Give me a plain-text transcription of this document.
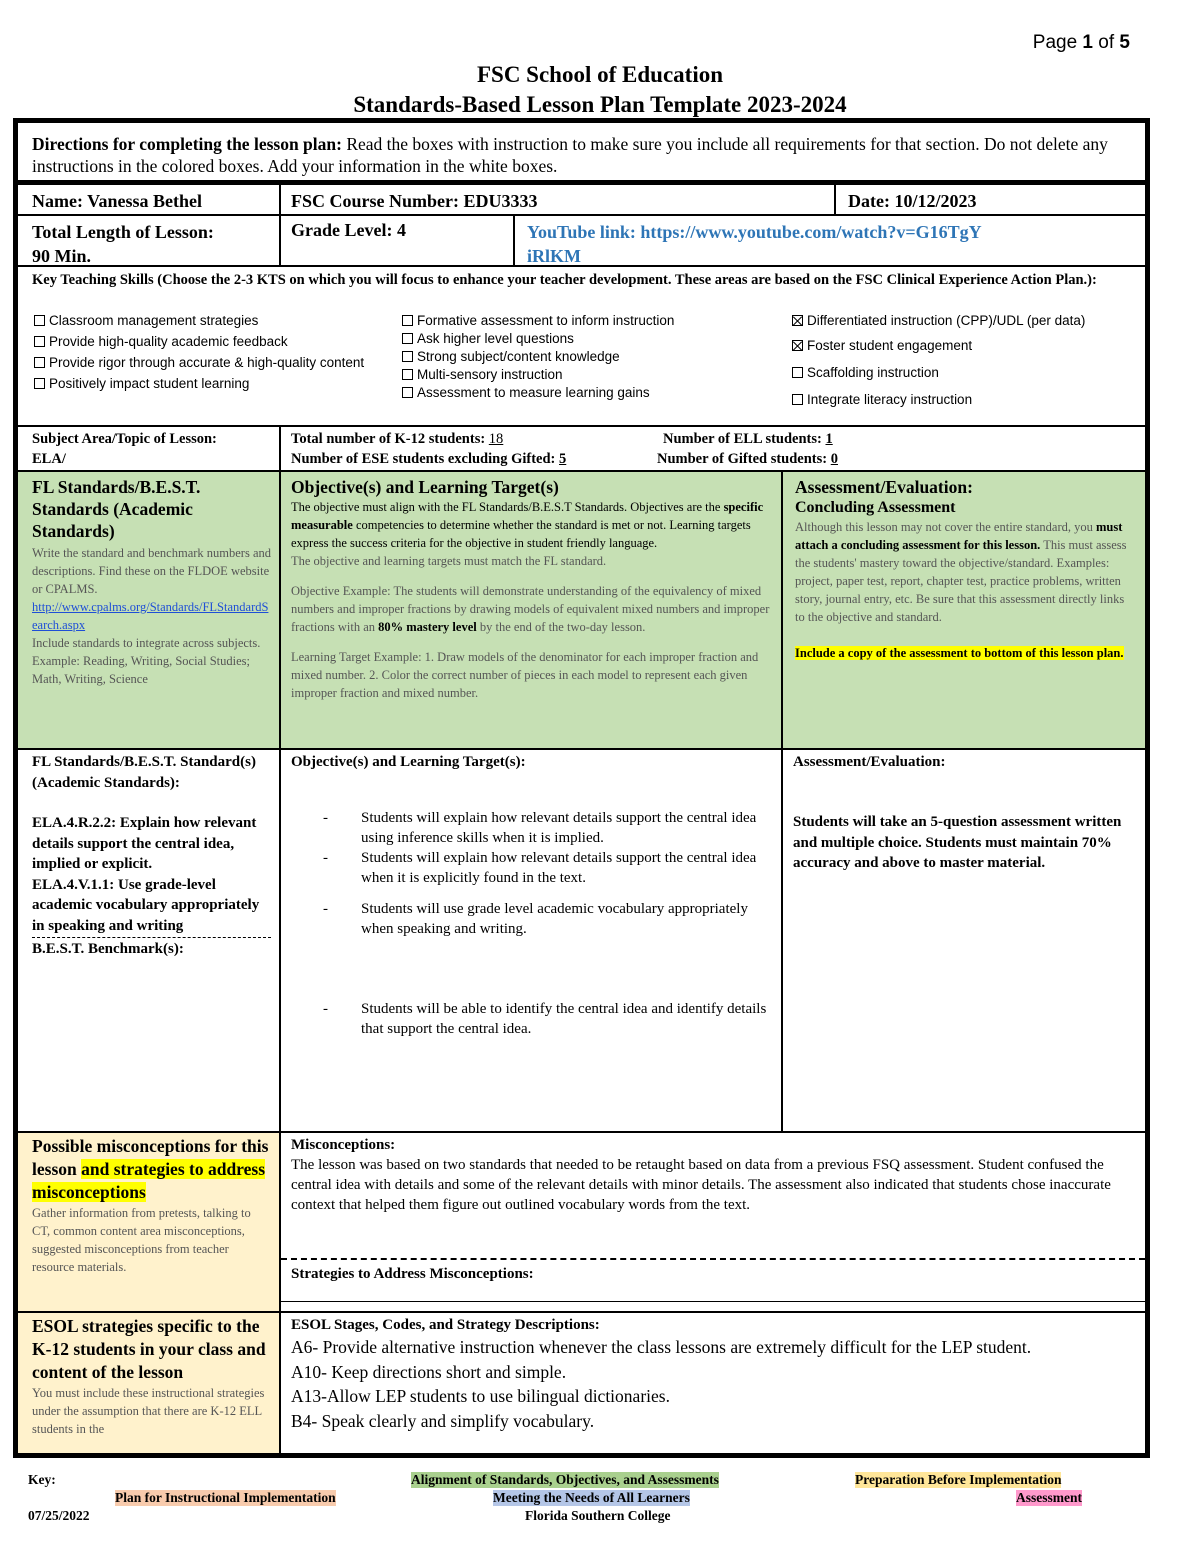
Page 1 of 5
FSC School of Education
Standards-Based Lesson Plan Template 2023-2024
Directions for completing the lesson plan: Read the boxes with instruction to make sure you include all requirements for that section. Do not delete any instructions in the colored boxes. Add your information in the white boxes.
Name: Vanessa Bethel	FSC Course Number: EDU3333	Date: 10/12/2023
Total Length of Lesson:
90 Min.
Grade Level: 4	YouTube link: https://www.youtube.com/watch?v=G16TgYiRlKM
Key Teaching Skills (Choose the 2-3 KTS on which you will focus to enhance your teacher development. These areas are based on the FSC Clinical Experience Action Plan.):
Classroom management strategies
Provide high-quality academic feedback
Provide rigor through accurate & high-quality content
Positively impact student learning
Formative assessment to inform instruction
Ask higher level questions
Strong subject/content knowledge
Multi-sensory instruction
Assessment to measure learning gains
Differentiated instruction (CPP)/UDL (per data)
Foster student engagement
Scaffolding instruction
Integrate literacy instruction
Subject Area/Topic of Lesson:
ELA/
Total number of K-12 students: 18	Number of ELL students: 1
Number of ESE students excluding Gifted: 5	Number of Gifted students: 0
FL Standards/B.E.S.T. Standards (Academic Standards)
Write the standard and benchmark numbers and descriptions. Find these on the FLDOE website or CPALMS.
http://www.cpalms.org/Standards/FLStandardSearch.aspx
Include standards to integrate across subjects. Example: Reading, Writing, Social Studies; Math, Writing, Science
Objective(s) and Learning Target(s)
The objective must align with the FL Standards/B.E.S.T Standards. Objectives are the specific measurable competencies to determine whether the standard is met or not. Learning targets express the success criteria for the objective in student friendly language.
The objective and learning targets must match the FL standard.
Objective Example: The students will demonstrate understanding of the equivalency of mixed numbers and improper fractions by drawing models of equivalent mixed numbers and improper fractions with an 80% mastery level by the end of the two-day lesson.
Learning Target Example: 1. Draw models of the denominator for each improper fraction and mixed number. 2. Color the correct number of pieces in each model to represent each given improper fraction and mixed number.
Assessment/Evaluation:
Concluding Assessment
Although this lesson may not cover the entire standard, you must attach a concluding assessment for this lesson. This must assess the students' mastery toward the objective/standard. Examples: project, paper test, report, chapter test, practice problems, written story, journal entry, etc. Be sure that this assessment directly links to the objective and standard.
Include a copy of the assessment to bottom of this lesson plan.
FL Standards/B.E.S.T. Standard(s) (Academic Standards):
ELA.4.R.2.2: Explain how relevant details support the central idea, implied or explicit.
ELA.4.V.1.1: Use grade-level academic vocabulary appropriately in speaking and writing
B.E.S.T. Benchmark(s):
Objective(s) and Learning Target(s):
- Students will explain how relevant details support the central idea using inference skills when it is implied.
- Students will explain how relevant details support the central idea when it is explicitly found in the text.
- Students will use grade level academic vocabulary appropriately when speaking and writing.
- Students will be able to identify the central idea and identify details that support the central idea.
Assessment/Evaluation:
Students will take an 5-question assessment written and multiple choice. Students must maintain 70% accuracy and above to master material.
Possible misconceptions for this lesson and strategies to address misconceptions
Gather information from pretests, talking to CT, common content area misconceptions, suggested misconceptions from teacher resource materials.
Misconceptions:
The lesson was based on two standards that needed to be retaught based on data from a previous FSQ assessment. Student confused the central idea with details and some of the relevant details with minor details. The assessment also indicated that students chose inaccurate context that helped them figure out outlined vocabulary words from the text.
Strategies to Address Misconceptions:
ESOL strategies specific to the K-12 students in your class and content of the lesson
You must include these instructional strategies under the assumption that there are K-12 ELL students in the
ESOL Stages, Codes, and Strategy Descriptions:
A6- Provide alternative instruction whenever the class lessons are extremely difficult for the LEP student.
A10- Keep directions short and simple.
A13-Allow LEP students to use bilingual dictionaries.
B4- Speak clearly and simplify vocabulary.
Key:	Alignment of Standards, Objectives, and Assessments	Preparation Before Implementation
Plan for Instructional Implementation	Meeting the Needs of All Learners	Assessment
07/25/2022	Florida Southern College
